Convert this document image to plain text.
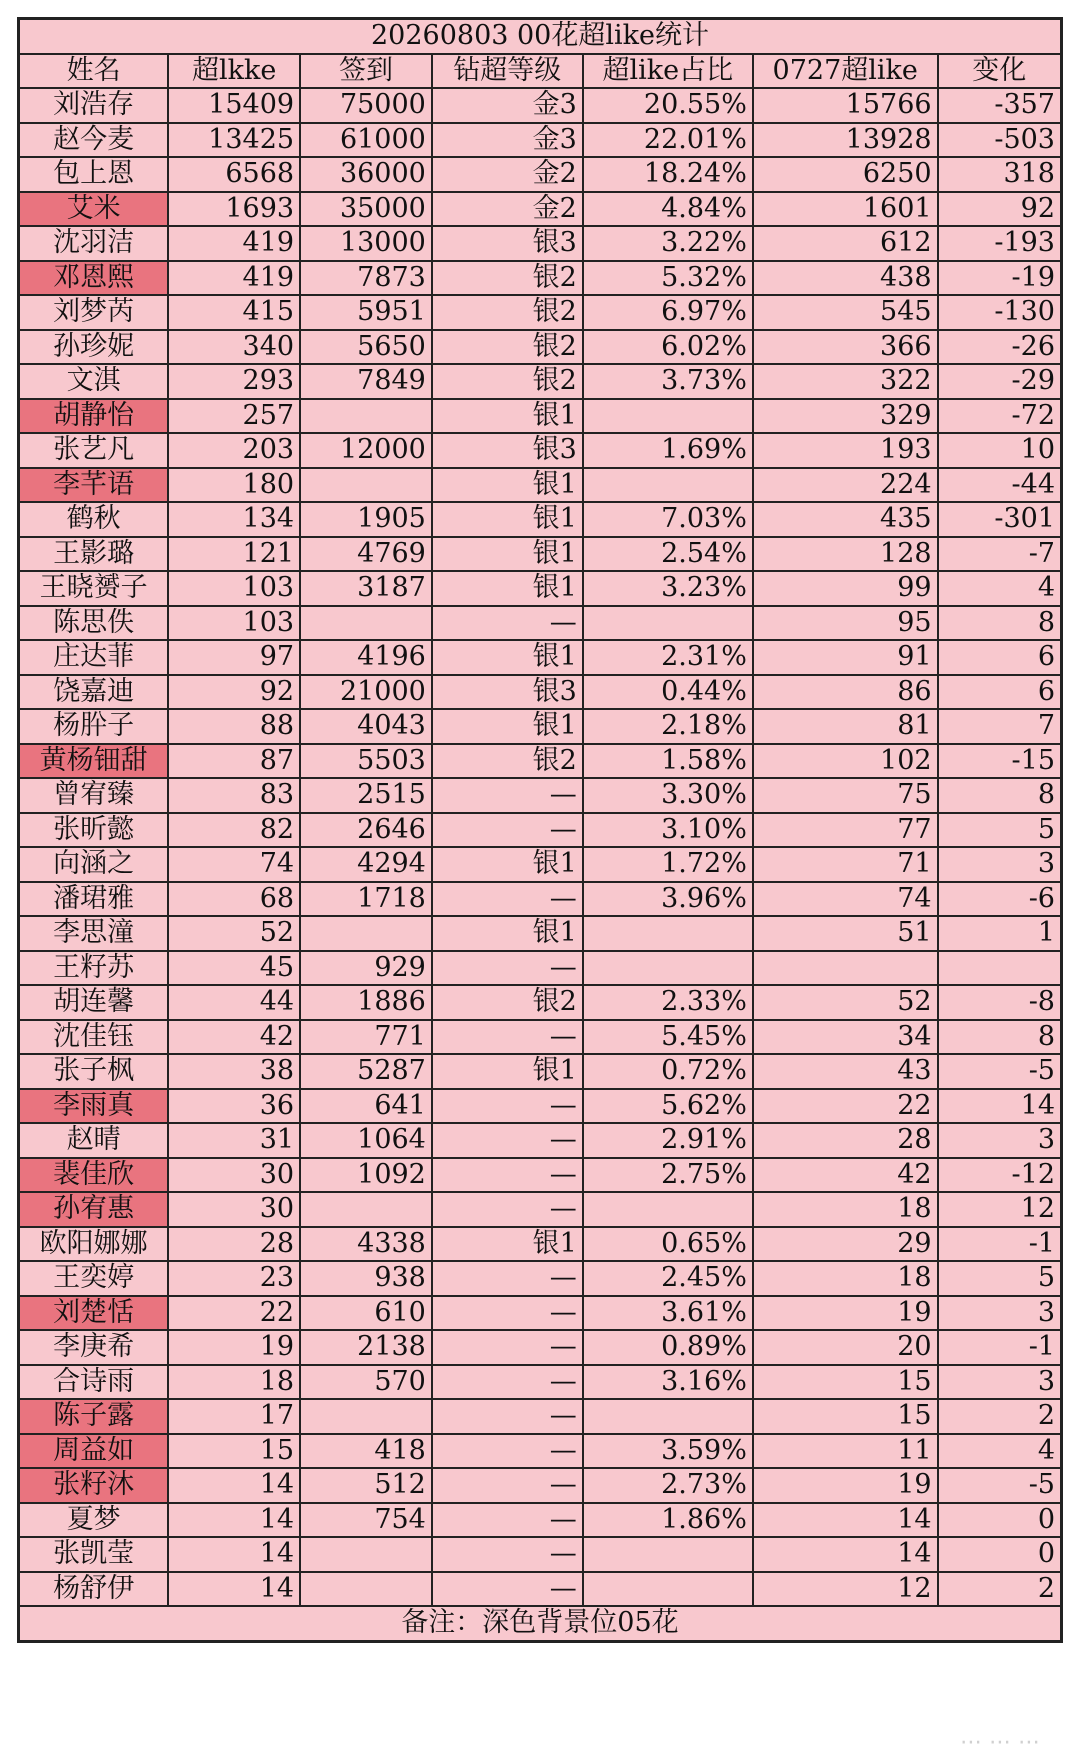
20260803 00花超like统计						
姓名	超lkke	签到	钻超等级	超like占比	0727超like	变化
刘浩存	15409	75000	金3	20.55%	15766	-357
赵今麦	13425	61000	金3	22.01%	13928	-503
包上恩	6568	36000	金2	18.24%	6250	318
艾米	1693	35000	金2	4.84%	1601	92
沈羽洁	419	13000	银3	3.22%	612	-193
邓恩熙	419	7873	银2	5.32%	438	-19
刘梦芮	415	5951	银2	6.97%	545	-130
孙珍妮	340	5650	银2	6.02%	366	-26
文淇	293	7849	银2	3.73%	322	-29
胡静怡	257		银1		329	-72
张艺凡	203	12000	银3	1.69%	193	10
李芊语	180		银1		224	-44
鹤秋	134	1905	银1	7.03%	435	-301
王影璐	121	4769	银1	2.54%	128	-7
王晓赟子	103	3187	银1	3.23%	99	4
陈思佚	103		—		95	8
庄达菲	97	4196	银1	2.31%	91	6
饶嘉迪	92	21000	银3	0.44%	86	6
杨肸子	88	4043	银1	2.18%	81	7
黄杨钿甜	87	5503	银2	1.58%	102	-15
曾宥臻	83	2515	—	3.30%	75	8
张昕懿	82	2646	—	3.10%	77	5
向涵之	74	4294	银1	1.72%	71	3
潘珺雅	68	1718	—	3.96%	74	-6
李思潼	52		银1		51	1
王籽苏	45	929	—			
胡连馨	44	1886	银2	2.33%	52	-8
沈佳钰	42	771	—	5.45%	34	8
张子枫	38	5287	银1	0.72%	43	-5
李雨真	36	641	—	5.62%	22	14
赵晴	31	1064	—	2.91%	28	3
裴佳欣	30	1092	—	2.75%	42	-12
孙宥惠	30		—		18	12
欧阳娜娜	28	4338	银1	0.65%	29	-1
王奕婷	23	938	—	2.45%	18	5
刘楚恬	22	610	—	3.61%	19	3
李庚希	19	2138	—	0.89%	20	-1
合诗雨	18	570	—	3.16%	15	3
陈子露	17		—		15	2
周益如	15	418	—	3.59%	11	4
张籽沐	14	512	—	2.73%	19	-5
夏梦	14	754	—	1.86%	14	0
张凯莹	14		—		14	0
杨舒伊	14		—		12	2
备注：深色背景位05花						
⋯ ⋯ ⋯
